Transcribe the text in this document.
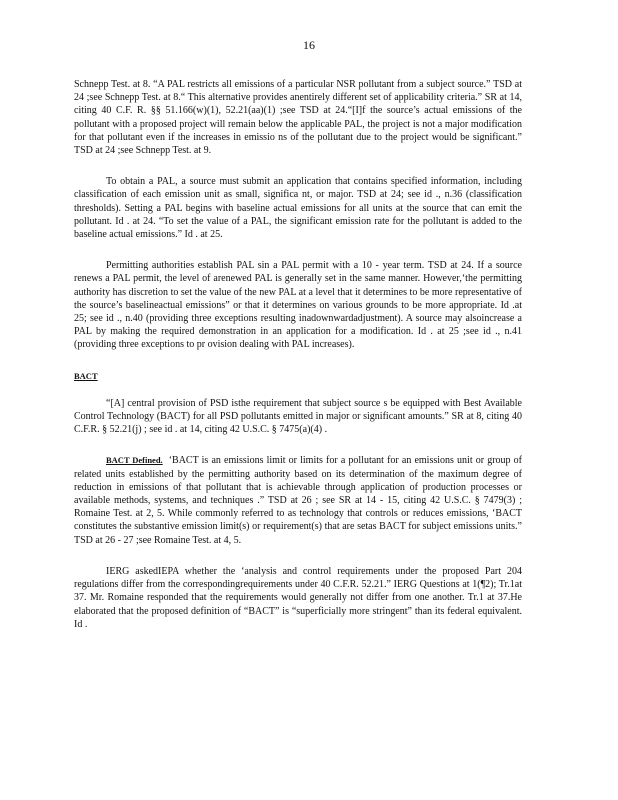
16

Schnepp Test. at 8. “A PAL restricts all emissions of a particular NSR pollutant from a subject source.” TSD at 24 ;see Schnepp Test. at 8.“ This alternative provides anentirely different set of applicability criteria.” SR at 14, citing 40 C.F. R. §§ 51.166(w)(1), 52.21(aa)(1) ;see TSD at 24.“[I]f the source’s actual emissions of the pollutant with a proposed project will remain below the applicable PAL, the project is not a major modification for that pollutant even if the increases in emissio ns of the pollutant due to the project would be significant.” TSD at 24 ;see Schnepp Test. at 9.

To obtain a PAL, a source must submit an application that contains specified information, including classification of each emission unit as small, significa nt, or major. TSD at 24; see id ., n.36 (classification thresholds). Setting a PAL begins with baseline actual emissions for all units at the source that can emit the pollutant. Id . at 24. “To set the value of a PAL, the significant emission rate for the pollutant is added to the baseline actual emissions.” Id . at 25.

Permitting authorities establish PAL sin a PAL permit with a 10 - year term. TSD at 24. If a source renews a PAL permit, the level of arenewed PAL is generally set in the same manner. However,‘the permitting authority has discretion to set the value of the new PAL at a level that it determines to be more representative of the source’s baselineactual emissions” or that it determines on various grounds to be more appropriate. Id .at 25; see id ., n.40 (providing three exceptions resulting inadownwardadjustment). A source may alsoincrease a PAL by making the required demonstration in an application for a modification. Id . at 25 ;see id ., n.41 (providing three exceptions to pr ovision dealing with PAL increases).

BACT

“[A] central provision of PSD isthe requirement that subject source s be equipped with Best Available Control Technology (BACT) for all PSD pollutants emitted in major or significant amounts.” SR at 8, citing 40 C.F.R. § 52.21(j) ; see id . at 14, citing 42 U.S.C. § 7475(a)(4) .

BACT Defined. ‘BACT is an emissions limit or limits for a pollutant for an emissions unit or group of related units established by the permitting authority based on its determination of the maximum degree of reduction in emissions of that pollutant that is achievable through application of production processes or available methods, systems, and techniques .” TSD at 26 ; see SR at 14 - 15, citing 42 U.S.C. § 7479(3) ; Romaine Test. at 2, 5. While commonly referred to as technology that controls or reduces emissions, ‘BACT constitutes the substantive emission limit(s) or requirement(s) that are setas BACT for subject emissions units.” TSD at 26 - 27 ;see Romaine Test. at 4, 5.

IERG askedIEPA whether the ‘analysis and control requirements under the proposed Part 204 regulations differ from the correspondingrequirements under 40 C.F.R. 52.21.” IERG Questions at 1(¶2); Tr.1at 37. Mr. Romaine responded that the requirements would generally not differ from one another. Tr.1 at 37.He elaborated that the proposed definition of “BACT” is “superficially more stringent” than its federal equivalent. Id .
